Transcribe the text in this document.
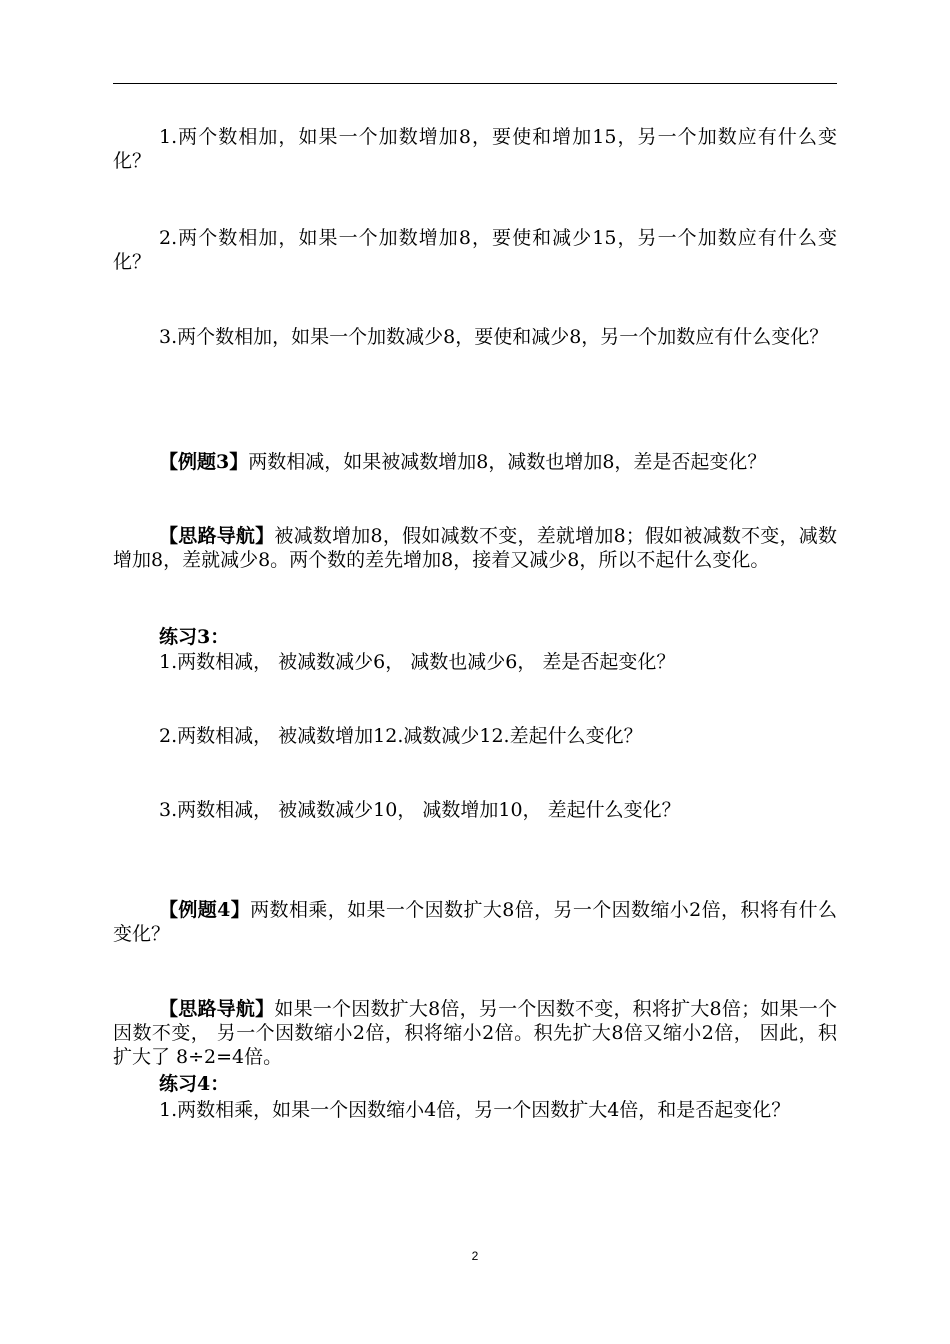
1.两个数相加，如果一个加数增加8，要使和增加15，另一个加数应有什么变化？
2.两个数相加，如果一个加数增加8，要使和减少15，另一个加数应有什么变化？
3.两个数相加，如果一个加数减少8，要使和减少8，另一个加数应有什么变化？
【例题3】两数相减，如果被减数增加8，减数也增加8，差是否起变化？
【思路导航】被减数增加8，假如减数不变，差就增加8；假如被减数不变，减数增加8，差就减少8。两个数的差先增加8，接着又减少8，所以不起什么变化。
练习3：
1.两数相减， 被减数减少6， 减数也减少6， 差是否起变化？
2.两数相减， 被减数增加12.减数减少12.差起什么变化？
3.两数相减， 被减数减少10， 减数增加10， 差起什么变化？
【例题4】两数相乘，如果一个因数扩大8倍，另一个因数缩小2倍，积将有什么变化？
【思路导航】如果一个因数扩大8倍，另一个因数不变，积将扩大8倍；如果一个因数不变， 另一个因数缩小2倍，积将缩小2倍。积先扩大8倍又缩小2倍， 因此，积扩大了 8÷2=4倍。
练习4：
1.两数相乘，如果一个因数缩小4倍，另一个因数扩大4倍，和是否起变化？
2
